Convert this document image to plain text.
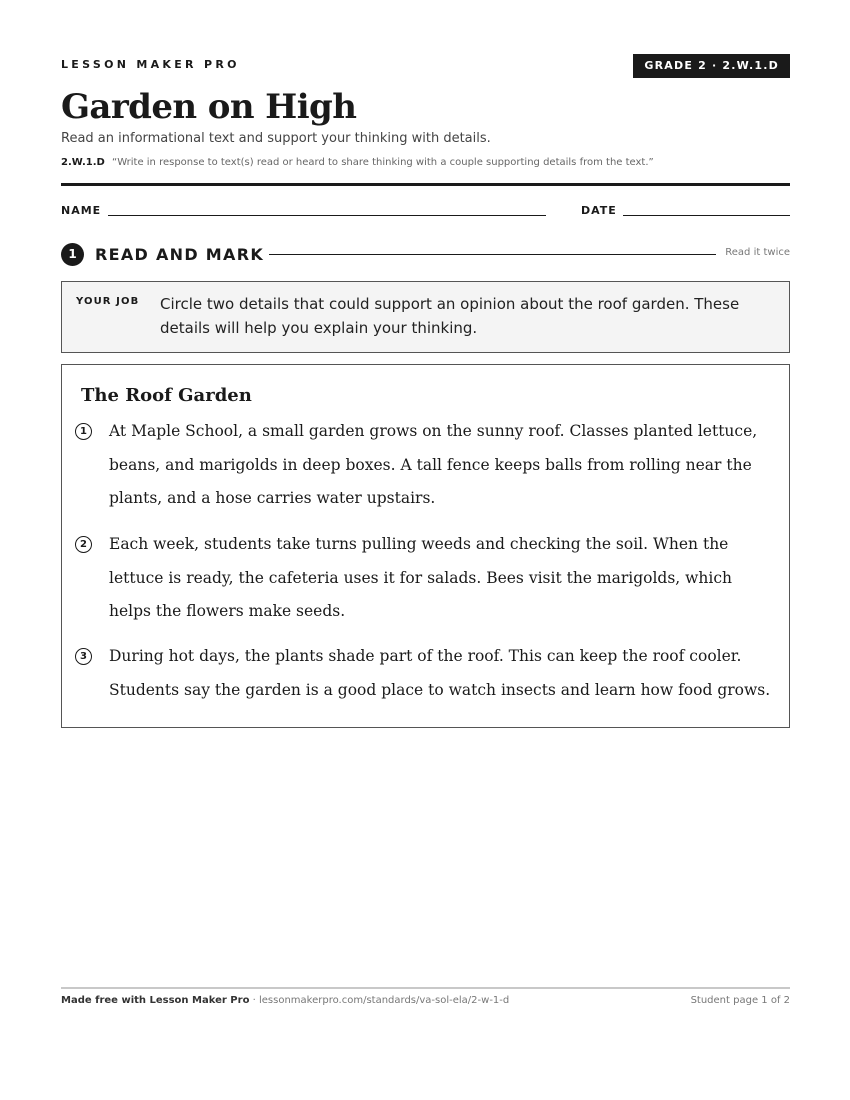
LESSON MAKER PRO	GRADE 2 · 2.W.1.D
Garden on High
Read an informational text and support your thinking with details.
2.W.1.D “Write in response to text(s) read or heard to share thinking with a couple supporting details from the text.”
NAME	DATE
1	READ AND MARK	Read it twice
YOUR JOB Circle two details that could support an opinion about the roof garden. These details will help you explain your thinking.
The Roof Garden
1	At Maple School, a small garden grows on the sunny roof. Classes planted lettuce, beans, and marigolds in deep boxes. A tall fence keeps balls from rolling near the plants, and a hose carries water upstairs.
2	Each week, students take turns pulling weeds and checking the soil. When the lettuce is ready, the cafeteria uses it for salads. Bees visit the marigolds, which helps the flowers make seeds.
3	During hot days, the plants shade part of the roof. This can keep the roof cooler. Students say the garden is a good place to watch insects and learn how food grows.
Made free with Lesson Maker Pro · lessonmakerpro.com/standards/va-sol-ela/2-w-1-d	Student page 1 of 2
